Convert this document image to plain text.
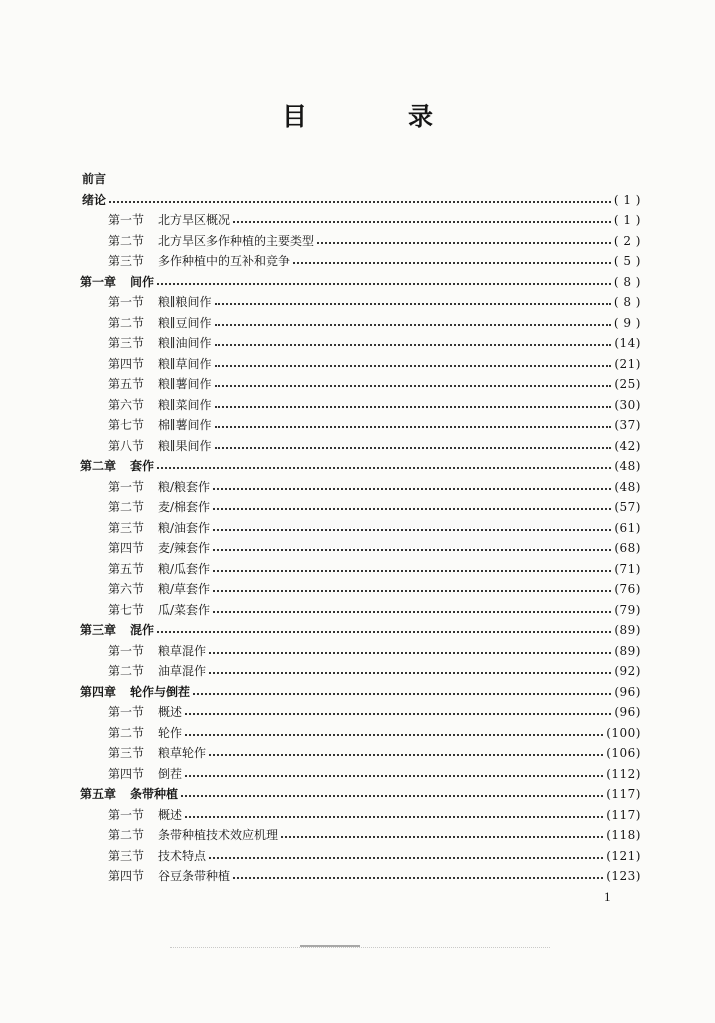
目　录
前言
绪论	( 1 )
第一节 北方旱区概况	( 1 )
第二节 北方旱区多作种植的主要类型	( 2 )
第三节 多作种植中的互补和竞争	( 5 )
第一章 间作	( 8 )
第一节 粮∥粮间作	( 8 )
第二节 粮∥豆间作	( 9 )
第三节 粮∥油间作	(14)
第四节 粮∥草间作	(21)
第五节 粮∥薯间作	(25)
第六节 粮∥菜间作	(30)
第七节 棉∥薯间作	(37)
第八节 粮∥果间作	(42)
第二章 套作	(48)
第一节 粮/粮套作	(48)
第二节 麦/棉套作	(57)
第三节 粮/油套作	(61)
第四节 麦/辣套作	(68)
第五节 粮/瓜套作	(71)
第六节 粮/草套作	(76)
第七节 瓜/菜套作	(79)
第三章 混作	(89)
第一节 粮草混作	(89)
第二节 油草混作	(92)
第四章 轮作与倒茬	(96)
第一节 概述	(96)
第二节 轮作	(100)
第三节 粮草轮作	(106)
第四节 倒茬	(112)
第五章 条带种植	(117)
第一节 概述	(117)
第二节 条带种植技术效应机理	(118)
第三节 技术特点	(121)
第四节 谷豆条带种植	(123)
1
